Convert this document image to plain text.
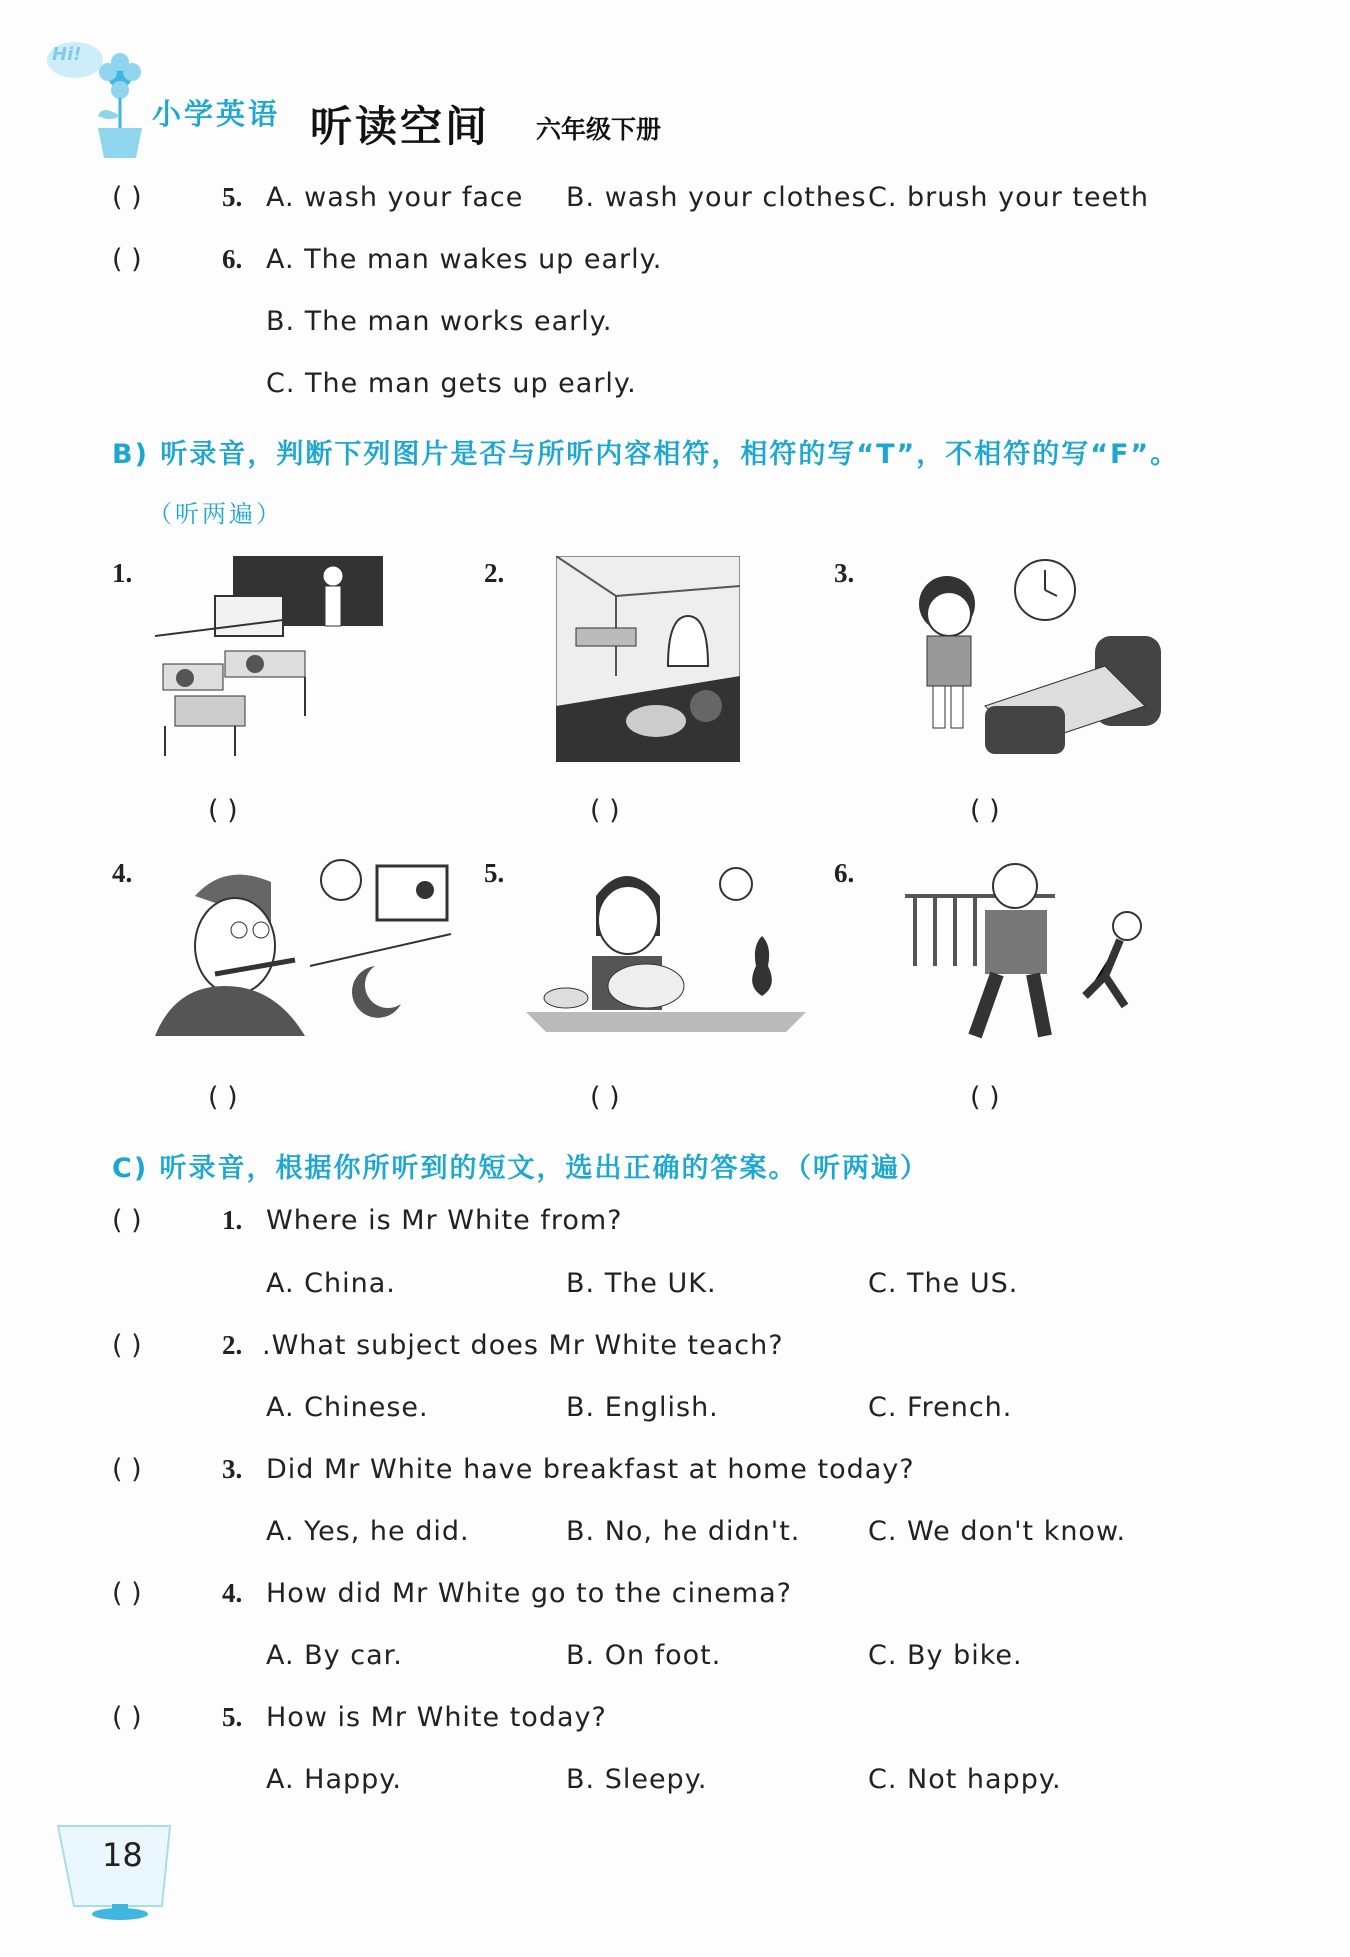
Hi!
小学英语 听读空间 六年级下册
( )	5. A. wash your face B. wash your clothes C. brush your teeth
( )	6. A. The man wakes up early.
B. The man works early.
C. The man gets up early.
B) 听录音，判断下列图片是否与所听内容相符，相符的写“T”，不相符的写“F”。
（听两遍）
1.
( )
2.
( )
3.
( )
4.
( )
5.
( )
6.
( )
C) 听录音，根据你所听到的短文，选出正确的答案。（听两遍）
( )	1. Where is Mr White from?
A. China.	B. The UK.	C. The US.
( )	2. .What subject does Mr White teach?
A. Chinese.	B. English.	C. French.
( )	3. Did Mr White have breakfast at home today?
A. Yes, he did.	B. No, he didn't.	C. We don't know.
( )	4. How did Mr White go to the cinema?
A. By car.	B. On foot.	C. By bike.
( )	5. How is Mr White today?
A. Happy.	B. Sleepy.	C. Not happy.
18
